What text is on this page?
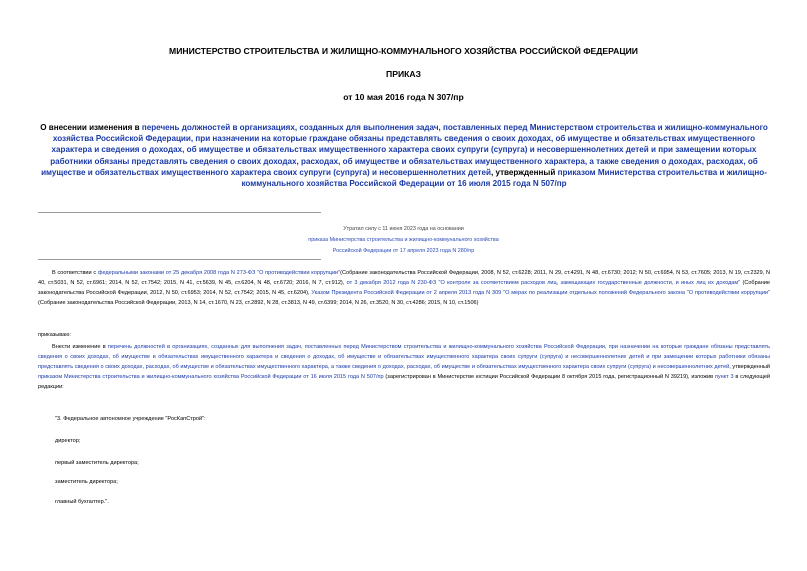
МИНИСТЕРСТВО СТРОИТЕЛЬСТВА И ЖИЛИЩНО-КОММУНАЛЬНОГО ХОЗЯЙСТВА РОССИЙСКОЙ ФЕДЕРАЦИИ
ПРИКАЗ
от 10 мая 2016 года N 307/пр
О внесении изменения в перечень должностей в организациях, созданных для выполнения задач, поставленных перед Министерством строительства и жилищно-коммунального хозяйства Российской Федерации, при назначении на которые граждане обязаны представлять сведения о своих доходах, об имуществе и обязательствах имущественного характера и сведения о доходах, об имуществе и обязательствах имущественного характера своих супруги (супруга) и несовершеннолетних детей и при замещении которых работники обязаны представлять сведения о своих доходах, расходах, об имуществе и обязательствах имущественного характера, а также сведения о доходах, расходах, об имуществе и обязательствах имущественного характера своих супруги (супруга) и несовершеннолетних детей, утвержденный приказом Министерства строительства и жилищно-коммунального хозяйства Российской Федерации от 16 июля 2015 года N 507/пр
Утратил силу с 11 июня 2023 года на основании
приказа Министерства строительства и жилищно-коммунального хозяйства
Российской Федерации от 17 апреля 2023 года N 280/пр
В соответствии с федеральными законами от 25 декабря 2008 года N 273-ФЗ "О противодействии коррупции"(Собрание законодательства Российской Федерации, 2008, N 52, ст.6228; 2011, N 29, ст.4291, N 48, ст.6730; 2012; N 50, ст.6954, N 53, ст.7605; 2013, N 19, ст.2329, N 40, ст.5031, N 52, ст.6961; 2014, N 52, ст.7542; 2015, N 41, ст.5639, N 45, ст.6204, N 48, ст.6720; 2016, N 7, ст.912), от 3 декабря 2012 года N 230-ФЗ "О контроле за соответствием расходов лиц, замещающих государственные должности, и иных лиц их доходам" (Собрание законодательства Российской Федерации, 2012, N 50, ст.6953; 2014, N 52, ст.7542; 2015, N 45, ст.6204), Указом Президента Российской Федерации от 2 апреля 2013 года N 309 "О мерах по реализации отдельных положений Федерального закона "О противодействии коррупции" (Собрание законодательства Российской Федерации, 2013, N 14, ст.1670, N 23, ст.2892, N 28, ст.3813, N 49, ст.6399; 2014, N 26, ст.3520, N 30, ст.4286; 2015, N 10, ст.1506)
приказываю:
Внести изменение в перечень должностей в организациях, созданных для выполнения задач, поставленных перед Министерством строительства и жилищно-коммунального хозяйства Российской Федерации, при назначении на которые граждане обязаны представлять сведения о своих доходах, об имуществе и обязательствах имущественного характера и сведения о доходах, об имуществе и обязательствах имущественного характера своих супруги (супруга) и несовершеннолетних детей и при замещении которых работники обязаны представлять сведения о своих доходах, расходах, об имуществе и обязательствах имущественного характера, а также сведения о доходах, расходах, об имуществе и обязательствах имущественного характера своих супруги (супруга) и несовершеннолетних детей, утвержденный приказом Министерства строительства и жилищно-коммунального хозяйства Российской Федерации от 16 июля 2015 года N 507/пр (зарегистрирован в Министерстве юстиции Российской Федерации 8 октября 2015 года, регистрационный N 39219), изложив пункт 3 в следующей редакции:
"3. Федеральное автономное учреждение "РосКапСтрой":
директор;
первый заместитель директора;
заместитель директора;
главный бухгалтер.".
